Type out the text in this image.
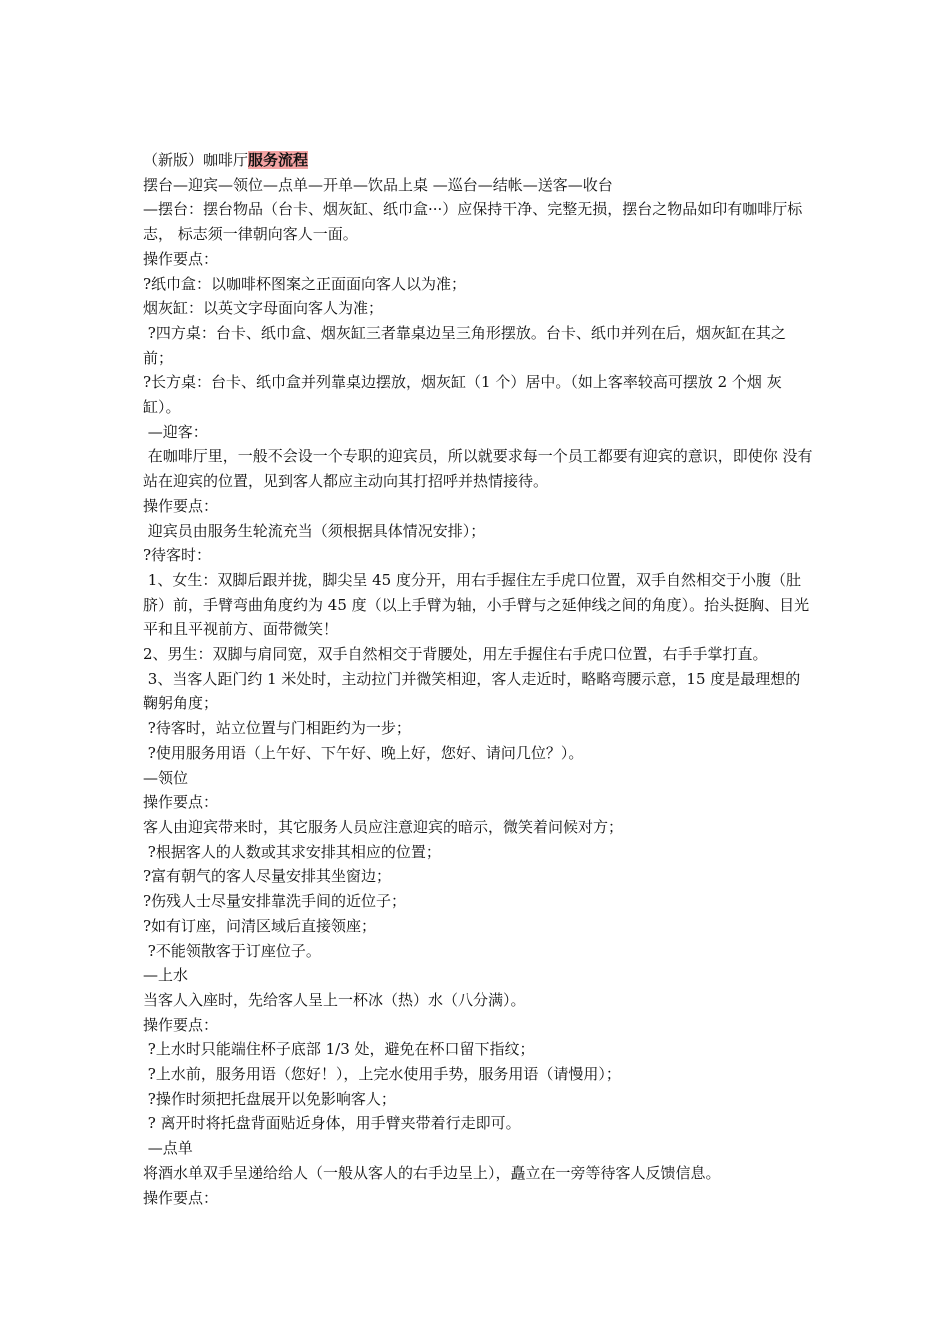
（新版）咖啡厅服务流程
摆台—迎宾—领位—点单—开单—饮品上桌 —巡台—结帐—送客—收台
—摆台：摆台物品（台卡、烟灰缸、纸巾盒···）应保持干净、完整无损，摆台之物品如印有咖啡厅标志， 标志须一律朝向客人一面。
操作要点：
?纸巾盒：以咖啡杯图案之正面面向客人以为准；
烟灰缸：以英文字母面向客人为准；
?四方桌：台卡、纸巾盒、烟灰缸三者靠桌边呈三角形摆放。台卡、纸巾并列在后，烟灰缸在其之前；
?长方桌：台卡、纸巾盒并列靠桌边摆放，烟灰缸（1 个）居中。（如上客率较高可摆放 2 个烟 灰缸）。
—迎客：
在咖啡厅里，一般不会设一个专职的迎宾员，所以就要求每一个员工都要有迎宾的意识，即使你 没有站在迎宾的位置，见到客人都应主动向其打招呼并热情接待。
操作要点：
迎宾员由服务生轮流充当（须根据具体情况安排）；
?待客时：
1、女生：双脚后跟并拢，脚尖呈 45 度分开，用右手握住左手虎口位置，双手自然相交于小腹（肚脐）前，手臂弯曲角度约为 45 度（以上手臂为轴，小手臂与之延伸线之间的角度）。抬头挺胸、目光平和且平视前方、面带微笑！
2、男生：双脚与肩同宽，双手自然相交于背腰处，用左手握住右手虎口位置，右手手掌打直。
3、当客人距门约 1 米处时，主动拉门并微笑相迎，客人走近时，略略弯腰示意，15 度是最理想的鞠躬角度；
?待客时，站立位置与门相距约为一步；
?使用服务用语（上午好、下午好、晚上好，您好、请问几位？）。
—领位
操作要点：
客人由迎宾带来时，其它服务人员应注意迎宾的暗示，微笑着问候对方；
?根据客人的人数或其求安排其相应的位置；
?富有朝气的客人尽量安排其坐窗边；
?伤残人士尽量安排靠洗手间的近位子；
?如有订座，问清区域后直接领座；
?不能领散客于订座位子。
—上水
当客人入座时，先给客人呈上一杯冰（热）水（八分满）。
操作要点：
?上水时只能端住杯子底部 1/3 处，避免在杯口留下指纹；
?上水前，服务用语（您好！），上完水使用手势，服务用语（请慢用）；
?操作时须把托盘展开以免影响客人；
? 离开时将托盘背面贴近身体，用手臂夹带着行走即可。
—点单
将酒水单双手呈递给给人（一般从客人的右手边呈上），矗立在一旁等待客人反馈信息。
操作要点：
